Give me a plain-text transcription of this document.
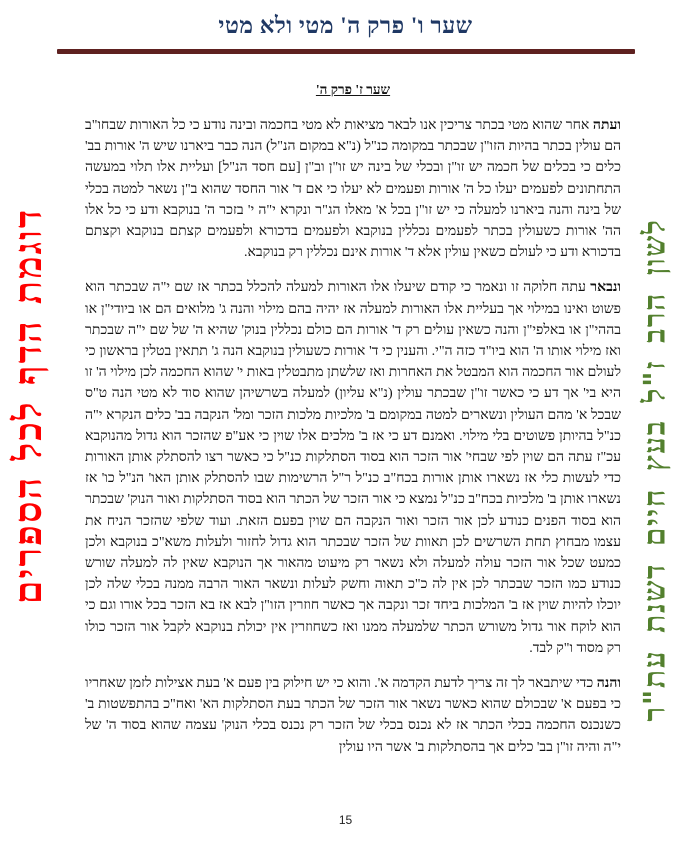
שער ו' פרק ה' מטי ולא מטי
דוגמת הדף לכל הספרים	לשון הרב ז"ל בעץ חיים דשנת עת"ר
שער ז' פרק ה'

ועתה אחר שהוא מטי בכתר צריכין אנו לבאר מציאות לא מטי בחכמה ובינה נודע כי כל האורות שבחו"ב הם עולין בכתר בהיות הזו"ן שבכתר במקומה כנ"ל (נ"א במקום הנ"ל) הנה כבר ביארנו שיש ה' אורות בב' כלים כי בכלים של חכמה יש זו"ן ובכלי של בינה יש זו"ן וב"ן [עם חסד הנ"ל] ועליית אלו תלוי במעשה התחתונים לפעמים יעלו כל ה' אורות ופעמים לא יעלו כי אם ד' אור החסד שהוא ב"ן נשאר למטה בכלי של בינה והנה ביארנו למעלה כי יש זו"ן בכל א' מאלו הג"ר ונקרא י"ה י' בזכר ה' בנוקבא ודע כי כל אלו הה' אורות כשעולין בכתר לפעמים נכללין בנוקבא ולפעמים בדכורא ולפעמים קצתם בנוקבא וקצתם בדכורא ודע כי לעולם כשאין עולין אלא ד' אורות אינם נכללין רק בנוקבא.

ונבאר עתה חלוקה זו ונאמר כי קודם שיעלו אלו האורות למעלה להכלל בכתר אז שם י"ה שבכתר הוא פשוט ואינו במילוי אך בעליית אלו האורות למעלה אז יהיה בהם מילוי והנה ג' מלואים הם או ביודי"ן או בההי"ן או באלפי"ן והנה כשאין עולים רק ד' אורות הם כולם נכללין בנוק' שהיא ה' של שם י"ה שבכתר ואז מילוי אותו ה' הוא ביו"ד כזה ה"י. והענין כי ד' אורות כשעולין בנוקבא הנה ג' תתאין בטלין בראשון כי לעולם אור החכמה הוא המבטל את האחרות ואז שלשתן מתבטלין באות י' שהוא החכמה לכן מילוי ה' זו היא בי' אך דע כי כאשר זו"ן שבכתר עולין (נ"א עליון) למעלה בשרשיהן שהוא סוד לא מטי הנה ט"ס שבכל א' מהם העולין ונשארים למטה במקומם ב' מלכיות מלכות הזכר ומל' הנקבה בב' כלים הנקרא י"ה כנ"ל בהיותן פשוטים בלי מילוי. ואמנם דע כי אז ב' מלכים אלו שוין כי אע"פ שהזכר הוא גדול מהנוקבא עכ"ז עתה הם שוין לפי שבחי' אור הזכר הוא בסוד הסתלקות כנ"ל כי כאשר רצו להסתלק אותן האורות כדי לעשות כלי אז נשארו אותן אורות בכח"ב כנ"ל ר"ל הרשימות שבו להסתלק אותן האו' הנ"ל כו' אז נשארו אותן ב' מלכיות בכח"ב כנ"ל נמצא כי אור הזכר של הכתר הוא בסוד הסתלקות ואור הנוק' שבכתר הוא בסוד הפנים כנודע לכן אור הזכר ואור הנקבה הם שוין בפעם הזאת. ועוד שלפי שהזכר הניח את עצמו מבחוץ תחת השרשים לכן תאוות של הזכר שבכתר הוא גדול לחזור ולעלות משא"כ בנוקבא ולכן כמעט שכל אור הזכר עולה למעלה ולא נשאר רק מיעוט מהאור אך הנוקבא שאין לה למעלה שורש כנודע כמו הזכר שבכתר לכן אין לה כ"כ תאוה וחשק לעלות ונשאר האור הרבה ממנה בכלי שלה לכן יוכלו להיות שוין אז ב' המלכות ביחד זכר ונקבה אך כאשר חוזרין הזו"ן לבא אז בא הזכר בכל אורו וגם כי הוא לוקח אור גדול משורש הכתר שלמעלה ממנו ואז כשחוזרין אין יכולת בנוקבא לקבל אור הזכר כולו רק מסוד ו"ק לבד.

והנה כדי שיתבאר לך זה צריך לדעת הקדמה א'. והוא כי יש חילוק בין פעם א' בעת אצילות לזמן שאחריו כי בפעם א' שבכולם שהוא כאשר נשאר אור הזכר של הכתר בעת הסתלקות הא' ואח"כ בהתפשטות ב' כשנכנס החכמה בכלי הכתר אז לא נכנס בכלי של הזכר רק נכנס בכלי הנוק' עצמה שהוא בסוד ה' של י"ה והיה זו"ן בב' כלים אך בהסתלקות ב' אשר היו עולין

15
